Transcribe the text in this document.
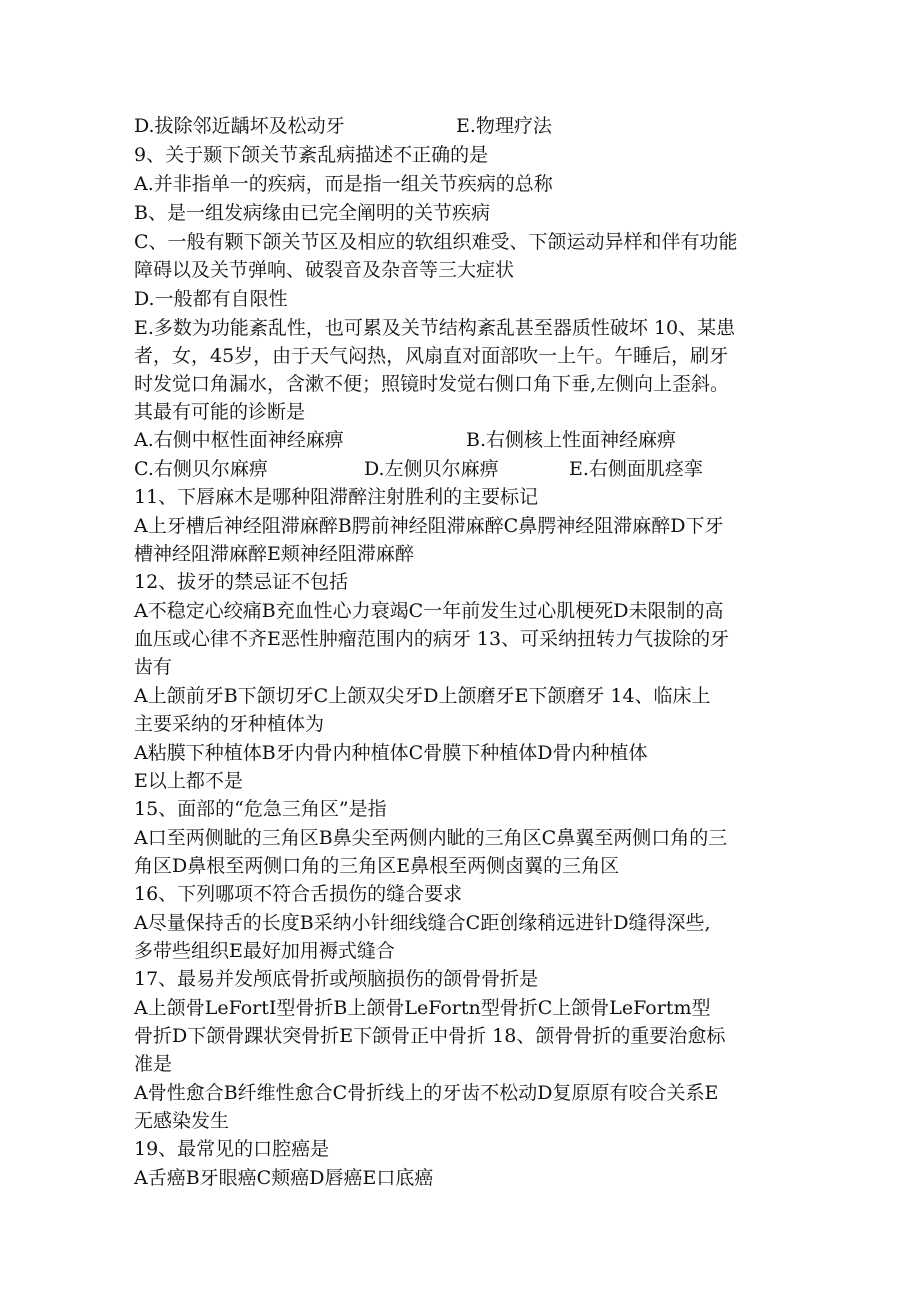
D.拔除邻近龋坏及松动牙

	E.物理疗法

9、关于颞下颌关节紊乱病描述不正确的是
A.并非指单一的疾病，而是指一组关节疾病的总称
B、是一组发病缘由已完全阐明的关节疾病
C、一般有颗下颌关节区及相应的软组织难受、下颌运动异样和伴有功能
障碍以及关节弹响、破裂音及杂音等三大症状
D.一般都有自限性
E.多数为功能紊乱性，也可累及关节结构紊乱甚至器质性破坏 10、某患
者，女，45岁，由于天气闷热，风扇直对面部吹一上午。午睡后，刷牙
时发觉口角漏水，含漱不便；照镜时发觉右侧口角下垂,左侧向上歪斜。
其最有可能的诊断是

A.右侧中枢性面神经麻痹

	B.右侧核上性面神经麻痹

C.右侧贝尔麻痹

	D.左侧贝尔麻痹

	E.右侧面肌痉挛

11、下唇麻木是哪种阻滞醉注射胜利的主要标记
A上牙槽后神经阻滞麻醉B腭前神经阻滞麻醉C鼻腭神经阻滞麻醉D下牙
槽神经阻滞麻醉E颊神经阻滞麻醉
12、拔牙的禁忌证不包括
A不稳定心绞痛B充血性心力衰竭C一年前发生过心肌梗死D未限制的高
血压或心律不齐E恶性肿瘤范围内的病牙 13、可采纳扭转力气拔除的牙
齿有
A上颌前牙B下颌切牙C上颌双尖牙D上颌磨牙E下颌磨牙 14、临床上
主要采纳的牙种植体为
A粘膜下种植体B牙内骨内种植体C骨膜下种植体D骨内种植体
E以上都不是
15、面部的“危急三角区”是指
A口至两侧眦的三角区B鼻尖至两侧内眦的三角区C鼻翼至两侧口角的三
角区D鼻根至两侧口角的三角区E鼻根至两侧卤翼的三角区
16、下列哪项不符合舌损伤的缝合要求
A尽量保持舌的长度B采纳小针细线缝合C距创缘稍远进针D缝得深些,
多带些组织E最好加用褥式缝合
17、最易并发颅底骨折或颅脑损伤的颌骨骨折是
A上颌骨LeFortI型骨折B上颌骨LeFortn型骨折C上颌骨LeFortm型
骨折D下颌骨踝状突骨折E下颌骨正中骨折 18、颌骨骨折的重要治愈标
准是
A骨性愈合B纤维性愈合C骨折线上的牙齿不松动D复原原有咬合关系E
无感染发生
19、最常见的口腔癌是
A舌癌B牙眼癌C颊癌D唇癌E口底癌
